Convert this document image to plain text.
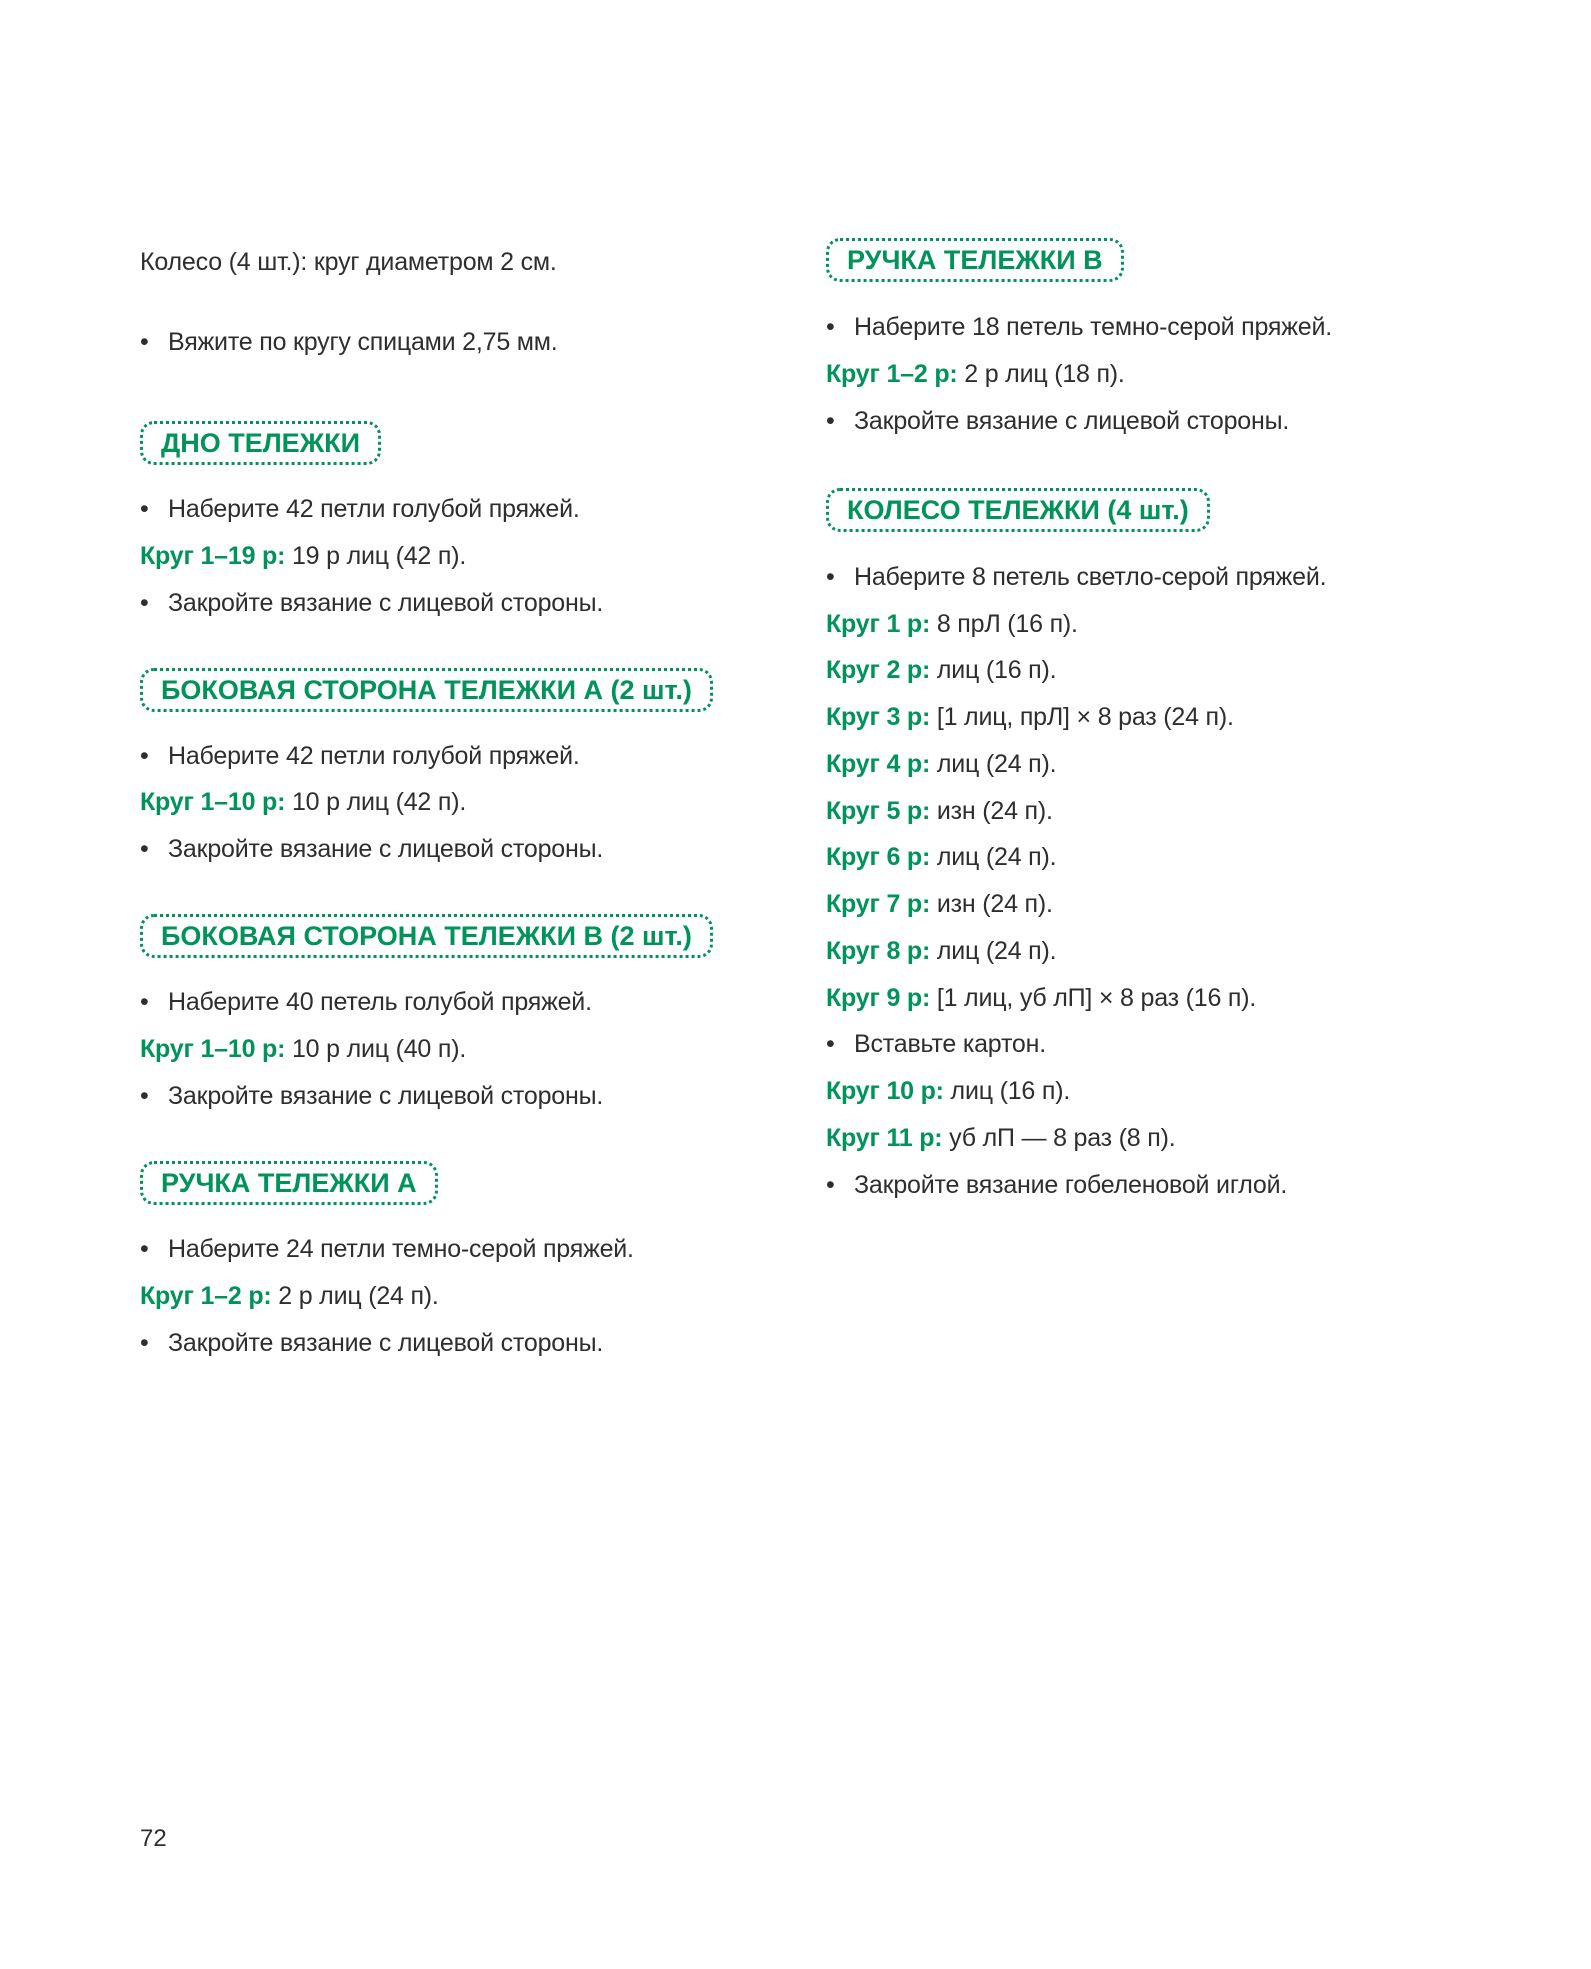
Колесо (4 шт.): круг диаметром 2 см.
• Вяжите по кругу спицами 2,75 мм.
ДНО ТЕЛЕЖКИ
• Наберите 42 петли голубой пряжей.
Круг 1–19 р: 19 р лиц (42 п).
• Закройте вязание с лицевой стороны.
БОКОВАЯ СТОРОНА ТЕЛЕЖКИ А (2 шт.)
• Наберите 42 петли голубой пряжей.
Круг 1–10 р: 10 р лиц (42 п).
• Закройте вязание с лицевой стороны.
БОКОВАЯ СТОРОНА ТЕЛЕЖКИ В (2 шт.)
• Наберите 40 петель голубой пряжей.
Круг 1–10 р: 10 р лиц (40 п).
• Закройте вязание с лицевой стороны.
РУЧКА ТЕЛЕЖКИ А
• Наберите 24 петли темно-серой пряжей.
Круг 1–2 р: 2 р лиц (24 п).
• Закройте вязание с лицевой стороны.
РУЧКА ТЕЛЕЖКИ В
• Наберите 18 петель темно-серой пряжей.
Круг 1–2 р: 2 р лиц (18 п).
• Закройте вязание с лицевой стороны.
КОЛЕСО ТЕЛЕЖКИ (4 шт.)
• Наберите 8 петель светло-серой пряжей.
Круг 1 р: 8 прЛ (16 п).
Круг 2 р: лиц (16 п).
Круг 3 р: [1 лиц, прЛ] × 8 раз (24 п).
Круг 4 р: лиц (24 п).
Круг 5 р: изн (24 п).
Круг 6 р: лиц (24 п).
Круг 7 р: изн (24 п).
Круг 8 р: лиц (24 п).
Круг 9 р: [1 лиц, уб лП] × 8 раз (16 п).
• Вставьте картон.
Круг 10 р: лиц (16 п).
Круг 11 р: уб лП — 8 раз (8 п).
• Закройте вязание гобеленовой иглой.
72
